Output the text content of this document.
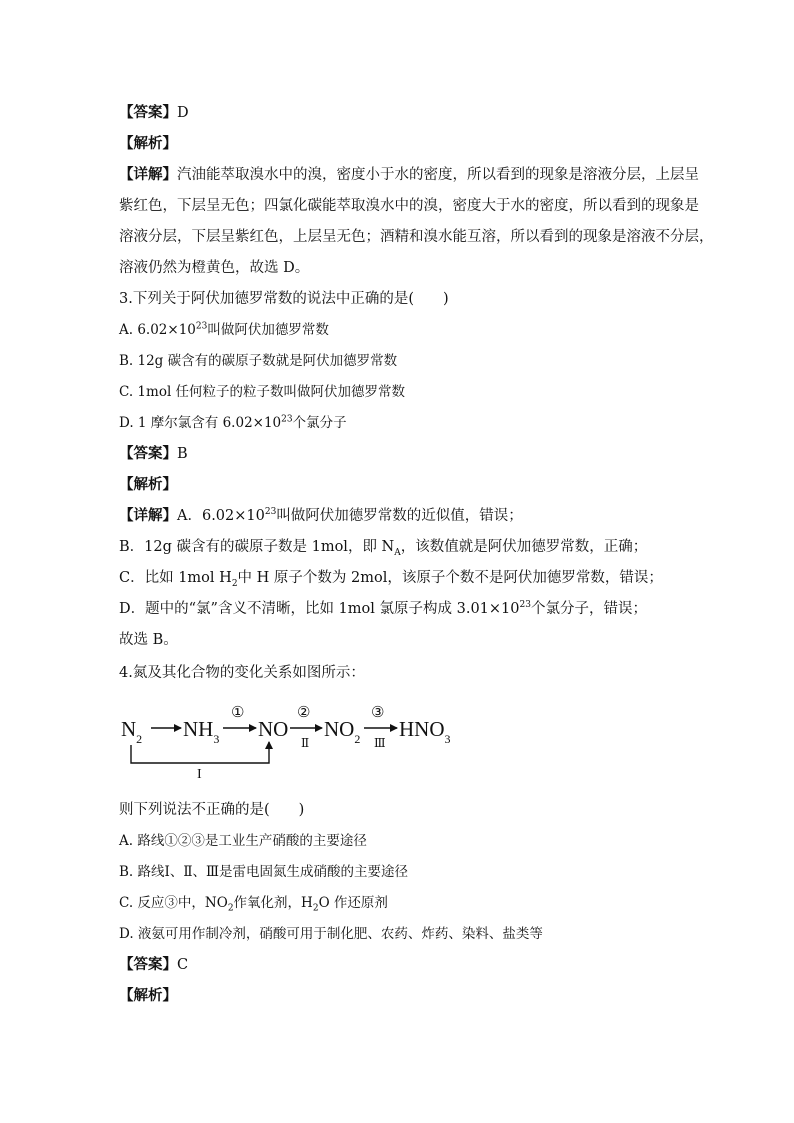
【答案】D
【解析】
【详解】汽油能萃取溴水中的溴，密度小于水的密度，所以看到的现象是溶液分层，上层呈
紫红色，下层呈无色；四氯化碳能萃取溴水中的溴，密度大于水的密度，所以看到的现象是
溶液分层，下层呈紫红色，上层呈无色；酒精和溴水能互溶，所以看到的现象是溶液不分层，
溶液仍然为橙黄色，故选 D。
3.下列关于阿伏加德罗常数的说法中正确的是(　　)
A. $6.02\times 10^{23}$叫做阿伏加德罗常数
B. 12g 碳含有的碳原子数就是阿伏加德罗常数
C. 1mol 任何粒子的粒子数叫做阿伏加德罗常数
D. 1 摩尔氯含有 $6.02\times 10^{23}$个氯分子
【答案】B
【解析】
【详解】A．$6.02\times 10^{23}$叫做阿伏加德罗常数的近似值，错误；
B．12g 碳含有的碳原子数是 1mol，即 $N_A$，该数值就是阿伏加德罗常数，正确；
C．比如 1mol $H_2$中 H 原子个数为 2mol，该原子个数不是阿伏加德罗常数，错误；
D．题中的“氯”含义不清晰，比如 1mol 氯原子构成 $3.01\times 10^{23}$个氯分子，错误；
故选 B。
4.氮及其化合物的变化关系如图所示：
$N_2$ $NH_3$
①
NO
②
Ⅱ
$NO_2$
③
Ⅲ
$HNO_3$
I
则下列说法不正确的是(　　)
A. 路线①②③是工业生产硝酸的主要途径
B. 路线Ⅰ、Ⅱ、Ⅲ是雷电固氮生成硝酸的主要途径
C. 反应③中，$NO_2$作氧化剂，$H_2O$ 作还原剂
D. 液氨可用作制冷剂，硝酸可用于制化肥、农药、炸药、染料、盐类等
【答案】C
【解析】
